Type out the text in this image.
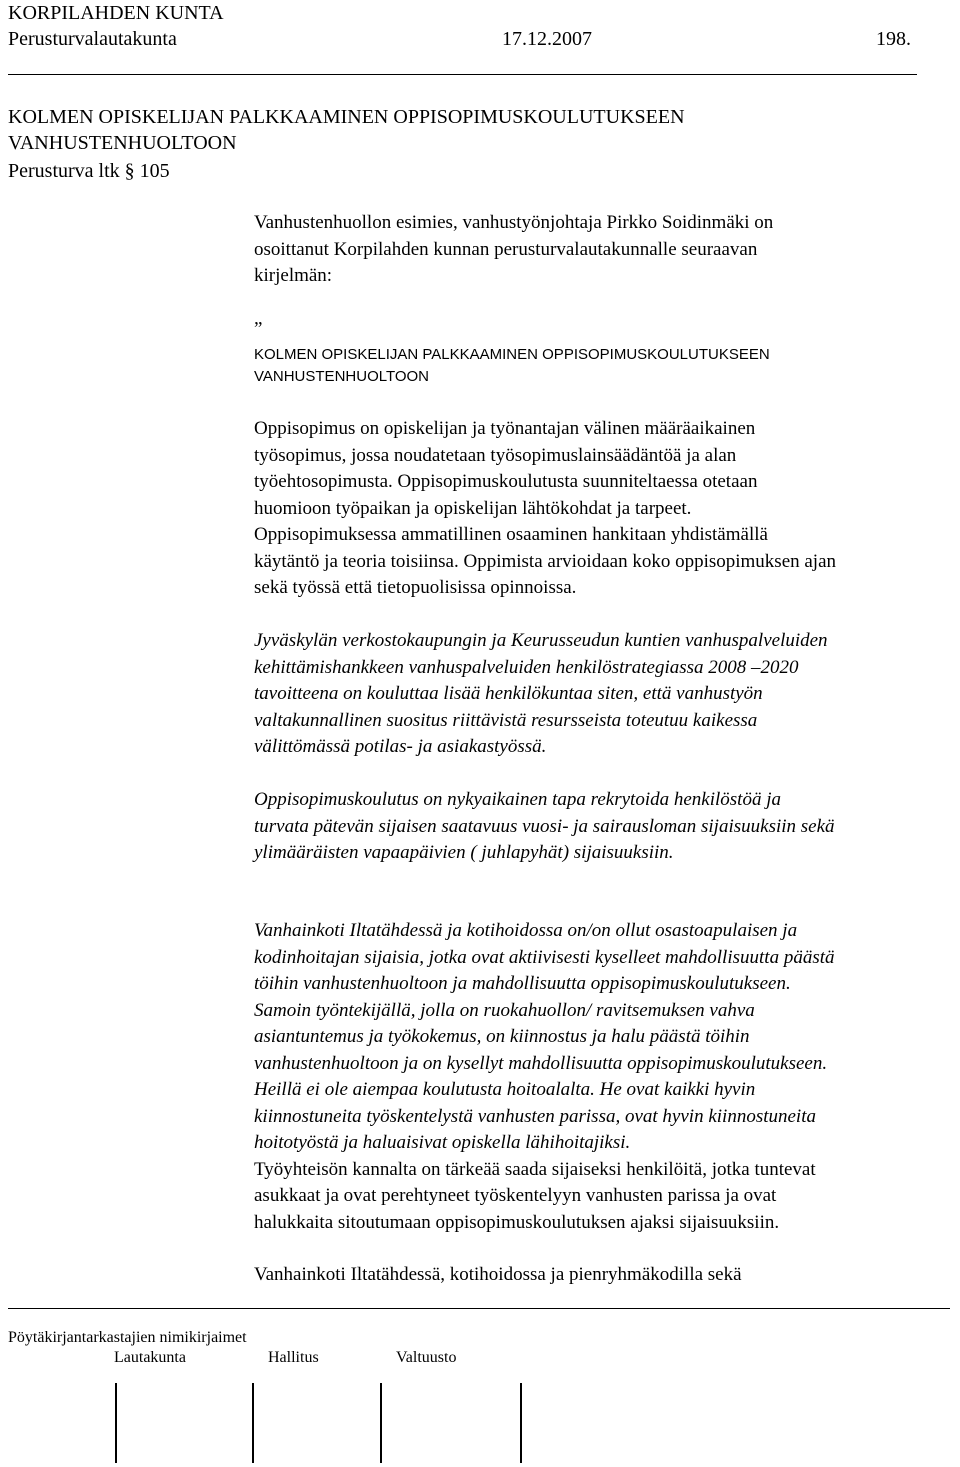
KORPILAHDEN KUNTA
Perusturvalautakunta	17.12.2007	198.
KOLMEN OPISKELIJAN PALKKAAMINEN OPPISOPIMUSKOULUTUKSEEN
VANHUSTENHUOLTOON
Perusturva ltk § 105
Vanhustenhuollon esimies, vanhustyönjohtaja Pirkko Soidinmäki on
osoittanut Korpilahden kunnan perusturvalautakunnalle seuraavan
kirjelmän:
„
KOLMEN OPISKELIJAN PALKKAAMINEN OPPISOPIMUSKOULUTUKSEEN
VANHUSTENHUOLTOON
Oppisopimus on opiskelijan ja työnantajan välinen määräaikainen
työsopimus, jossa noudatetaan työsopimuslainsäädäntöä ja alan
työehtosopimusta. Oppisopimuskoulutusta suunniteltaessa otetaan
huomioon työpaikan ja opiskelijan lähtökohdat ja tarpeet.
Oppisopimuksessa ammatillinen osaaminen hankitaan yhdistämällä
käytäntö ja teoria toisiinsa. Oppimista arvioidaan koko oppisopimuksen ajan
sekä työssä että tietopuolisissa opinnoissa.
Jyväskylän verkostokaupungin ja Keurusseudun kuntien vanhuspalveluiden
kehittämishankkeen vanhuspalveluiden henkilöstrategiassa 2008 –2020
tavoitteena on kouluttaa lisää henkilökuntaa siten, että vanhustyön
valtakunnallinen suositus riittävistä resursseista toteutuu kaikessa
välittömässä potilas- ja asiakastyössä.
Oppisopimuskoulutus on nykyaikainen tapa rekrytoida henkilöstöä ja
turvata pätevän sijaisen saatavuus vuosi- ja sairausloman sijaisuuksiin sekä
ylimääräisten vapaapäivien ( juhlapyhät) sijaisuuksiin.
Vanhainkoti Iltatähdessä ja kotihoidossa on/on ollut osastoapulaisen ja
kodinhoitajan sijaisia, jotka ovat aktiivisesti kyselleet mahdollisuutta päästä
töihin vanhustenhuoltoon ja mahdollisuutta oppisopimuskoulutukseen.
Samoin työntekijällä, jolla on ruokahuollon/ ravitsemuksen vahva
asiantuntemus ja työkokemus, on kiinnostus ja halu päästä töihin
vanhustenhuoltoon ja on kysellyt mahdollisuutta oppisopimuskoulutukseen.
Heillä ei ole aiempaa koulutusta hoitoalalta. He ovat kaikki hyvin
kiinnostuneita työskentelystä vanhusten parissa, ovat hyvin kiinnostuneita
hoitotyöstä ja haluaisivat opiskella lähihoitajiksi.
Työyhteisön kannalta on tärkeää saada sijaiseksi henkilöitä, jotka tuntevat
asukkaat ja ovat perehtyneet työskentelyyn vanhusten parissa ja ovat
halukkaita sitoutumaan oppisopimuskoulutuksen ajaksi sijaisuuksiin.
Vanhainkoti Iltatähdessä, kotihoidossa ja pienryhmäkodilla sekä
Pöytäkirjantarkastajien nimikirjaimet
Lautakunta	Hallitus	Valtuusto
